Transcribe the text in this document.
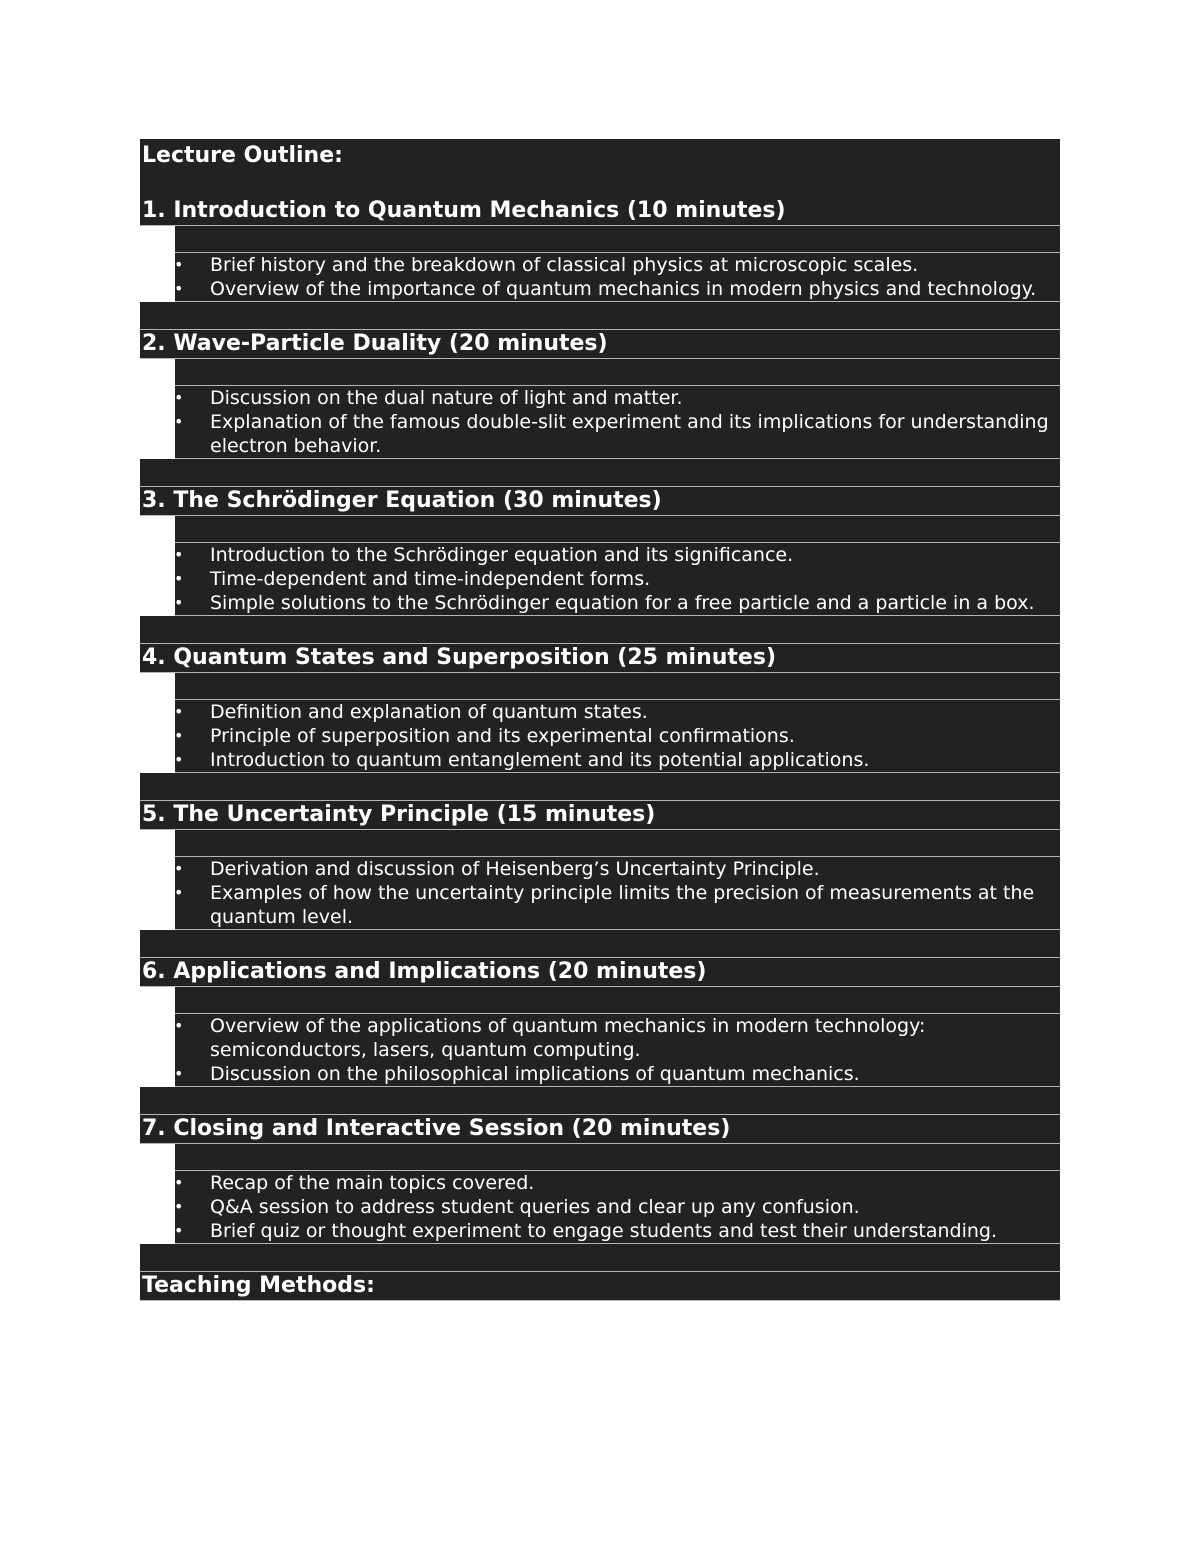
Lecture Outline:
1. Introduction to Quantum Mechanics (10 minutes)
• Brief history and the breakdown of classical physics at microscopic scales.
• Overview of the importance of quantum mechanics in modern physics and technology.
2. Wave-Particle Duality (20 minutes)
• Discussion on the dual nature of light and matter.
• Explanation of the famous double-slit experiment and its implications for understanding electron behavior.
3. The Schrödinger Equation (30 minutes)
• Introduction to the Schrödinger equation and its significance.
• Time-dependent and time-independent forms.
• Simple solutions to the Schrödinger equation for a free particle and a particle in a box.
4. Quantum States and Superposition (25 minutes)
• Definition and explanation of quantum states.
• Principle of superposition and its experimental confirmations.
• Introduction to quantum entanglement and its potential applications.
5. The Uncertainty Principle (15 minutes)
• Derivation and discussion of Heisenberg’s Uncertainty Principle.
• Examples of how the uncertainty principle limits the precision of measurements at the quantum level.
6. Applications and Implications (20 minutes)
• Overview of the applications of quantum mechanics in modern technology: semiconductors, lasers, quantum computing.
• Discussion on the philosophical implications of quantum mechanics.
7. Closing and Interactive Session (20 minutes)
• Recap of the main topics covered.
• Q&A session to address student queries and clear up any confusion.
• Brief quiz or thought experiment to engage students and test their understanding.
Teaching Methods:
